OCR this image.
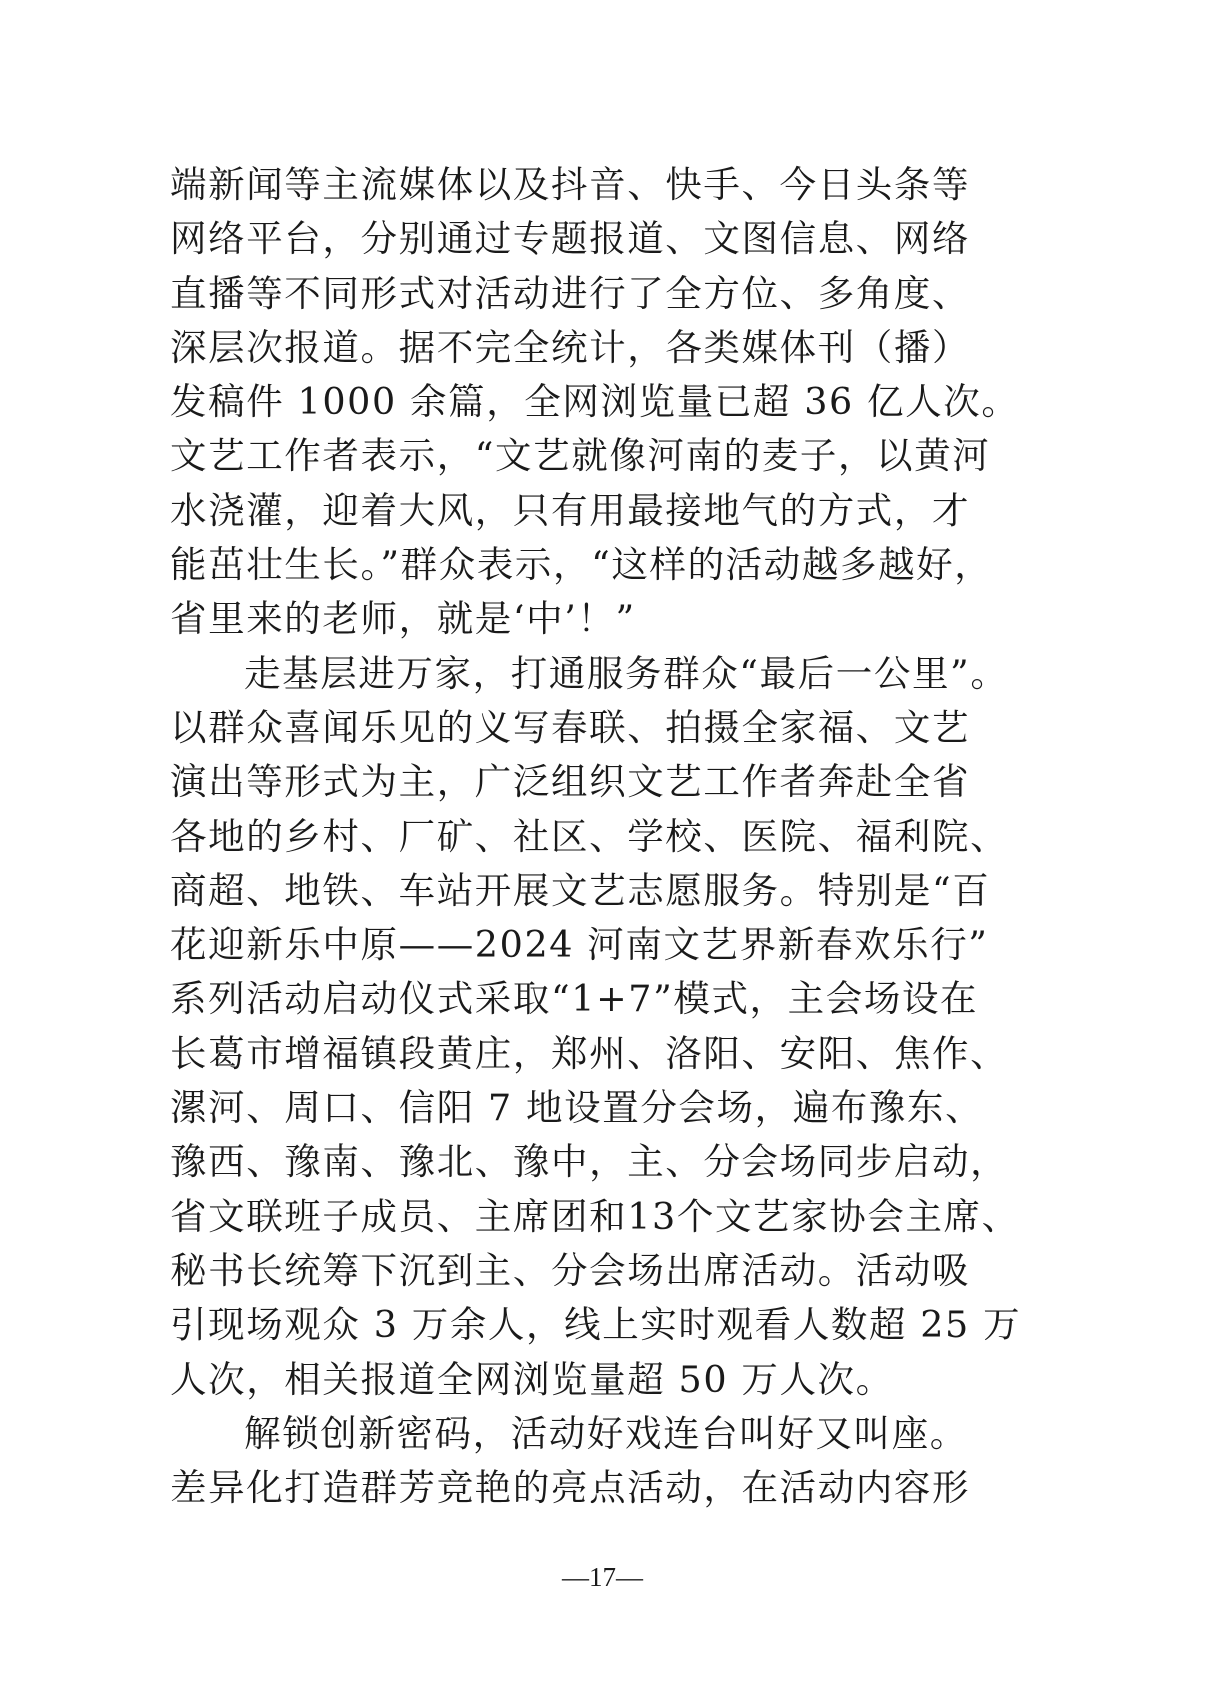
端新闻等主流媒体以及抖音、快手、今日头条等
网络平台，分别通过专题报道、文图信息、网络
直播等不同形式对活动进行了全方位、多角度、
深层次报道。据不完全统计，各类媒体刊（播）
发稿件 1000 余篇，全网浏览量已超 36 亿人次。
文艺工作者表示，“文艺就像河南的麦子，以黄河
水浇灌，迎着大风，只有用最接地气的方式，才
能茁壮生长。”群众表示，“这样的活动越多越好，
省里来的老师，就是‘中’！”
走基层进万家，打通服务群众“最后一公里”。
以群众喜闻乐见的义写春联、拍摄全家福、文艺
演出等形式为主，广泛组织文艺工作者奔赴全省
各地的乡村、厂矿、社区、学校、医院、福利院、
商超、地铁、车站开展文艺志愿服务。特别是“百
花迎新乐中原——2024 河南文艺界新春欢乐行”
系列活动启动仪式采取“1+7”模式，主会场设在
长葛市增福镇段黄庄，郑州、洛阳、安阳、焦作、
漯河、周口、信阳 7 地设置分会场，遍布豫东、
豫西、豫南、豫北、豫中，主、分会场同步启动，
省文联班子成员、主席团和13个文艺家协会主席、
秘书长统筹下沉到主、分会场出席活动。活动吸
引现场观众 3 万余人，线上实时观看人数超 25 万
人次，相关报道全网浏览量超 50 万人次。
解锁创新密码，活动好戏连台叫好又叫座。
差异化打造群芳竞艳的亮点活动，在活动内容形
—17—
